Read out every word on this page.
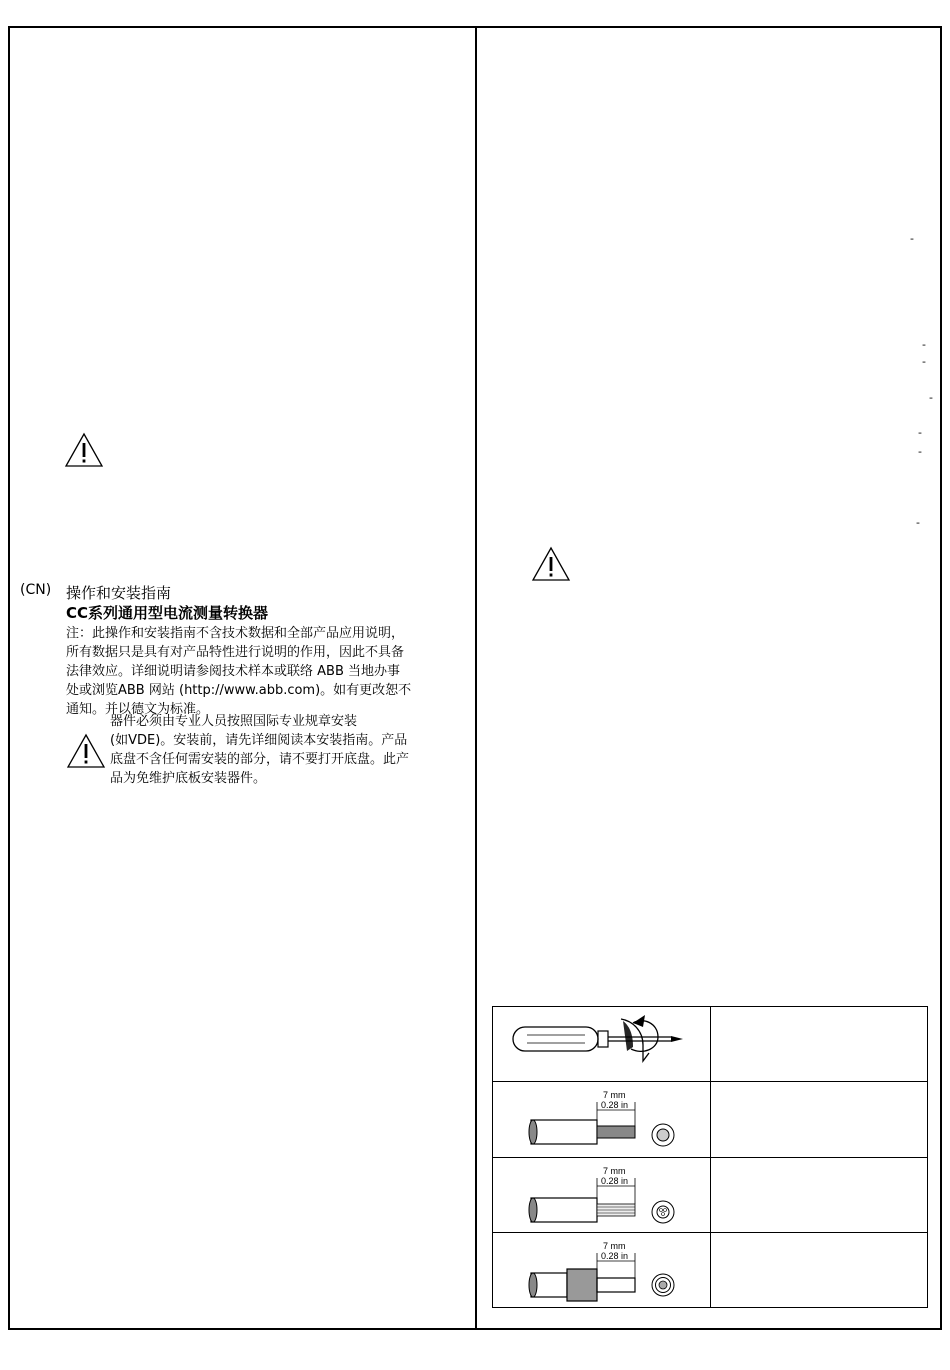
(CN) 操作和安装指南
CC系列通用型电流测量转换器

注：此操作和安装指南不含技术数据和全部产品应用说明，

所有数据只是具有对产品特性进行说明的作用，因此不具备

法律效应。详细说明请参阅技术样本或联络 ABB 当地办事

处或浏览ABB 网站 (http://www.abb.com)。如有更改恕不

通知。并以德文为标准。

器件必须由专业人员按照国际专业规章安装

(如VDE)。安装前，请先详细阅读本安装指南。产品

底盘不含任何需安装的部分，请不要打开底盘。此产

品为免维护底板安装器件。

-
-
-
-
-
-
-
7 mm
0.28 in
7 mm
0.28 in
7 mm
0.28 in
